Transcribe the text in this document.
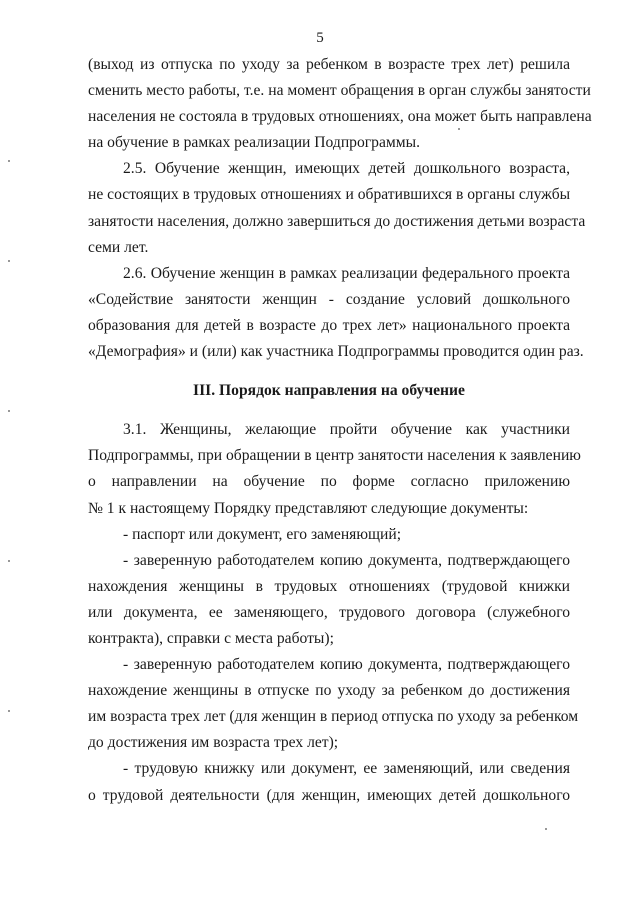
5
(выход из отпуска по уходу за ребенком в возрасте трех лет) решила
сменить место работы, т.е. на момент обращения в орган службы занятости
населения не состояла в трудовых отношениях, она может быть направлена
на обучение в рамках реализации Подпрограммы.
2.5. Обучение женщин, имеющих детей дошкольного возраста,
не состоящих в трудовых отношениях и обратившихся в органы службы
занятости населения, должно завершиться до достижения детьми возраста
семи лет.
2.6. Обучение женщин в рамках реализации федерального проекта
«Содействие занятости женщин - создание условий дошкольного
образования для детей в возрасте до трех лет» национального проекта
«Демография» и (или) как участника Подпрограммы проводится один раз.
III. Порядок направления на обучение
3.1. Женщины, желающие пройти обучение как участники
Подпрограммы, при обращении в центр занятости населения к заявлению
о направлении на обучение по форме согласно приложению
№ 1 к настоящему Порядку представляют следующие документы:
- паспорт или документ, его заменяющий;
- заверенную работодателем копию документа, подтверждающего
нахождения женщины в трудовых отношениях (трудовой книжки
или документа, ее заменяющего, трудового договора (служебного
контракта), справки с места работы);
- заверенную работодателем копию документа, подтверждающего
нахождение женщины в отпуске по уходу за ребенком до достижения
им возраста трех лет (для женщин в период отпуска по уходу за ребенком
до достижения им возраста трех лет);
- трудовую книжку или документ, ее заменяющий, или сведения
о трудовой деятельности (для женщин, имеющих детей дошкольного
